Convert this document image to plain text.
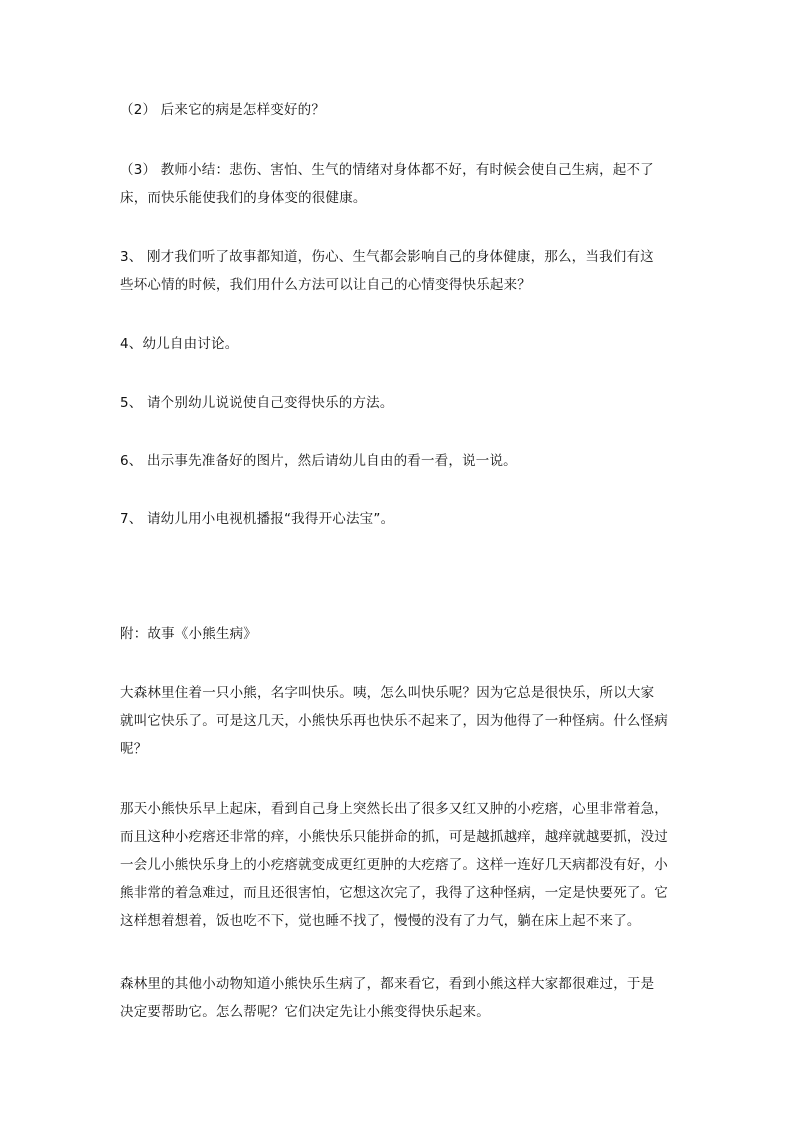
（2） 后来它的病是怎样变好的？
（3） 教师小结：悲伤、害怕、生气的情绪对身体都不好，有时候会使自己生病，起不了
床，而快乐能使我们的身体变的很健康。
3、 刚才我们听了故事都知道，伤心、生气都会影响自己的身体健康，那么，当我们有这
些坏心情的时候，我们用什么方法可以让自己的心情变得快乐起来？
4、幼儿自由讨论。
5、 请个别幼儿说说使自己变得快乐的方法。
6、 出示事先准备好的图片，然后请幼儿自由的看一看，说一说。
7、 请幼儿用小电视机播报“我得开心法宝”。
附：故事《小熊生病》
大森林里住着一只小熊，名字叫快乐。咦，怎么叫快乐呢？因为它总是很快乐，所以大家
就叫它快乐了。可是这几天，小熊快乐再也快乐不起来了，因为他得了一种怪病。什么怪病
呢？
那天小熊快乐早上起床，看到自己身上突然长出了很多又红又肿的小疙瘩，心里非常着急，
而且这种小疙瘩还非常的痒，小熊快乐只能拼命的抓，可是越抓越痒，越痒就越要抓，没过
一会儿小熊快乐身上的小疙瘩就变成更红更肿的大疙瘩了。这样一连好几天病都没有好，小
熊非常的着急难过，而且还很害怕，它想这次完了，我得了这种怪病，一定是快要死了。它
这样想着想着，饭也吃不下，觉也睡不找了，慢慢的没有了力气，躺在床上起不来了。
森林里的其他小动物知道小熊快乐生病了，都来看它，看到小熊这样大家都很难过，于是
决定要帮助它。怎么帮呢？它们决定先让小熊变得快乐起来。
